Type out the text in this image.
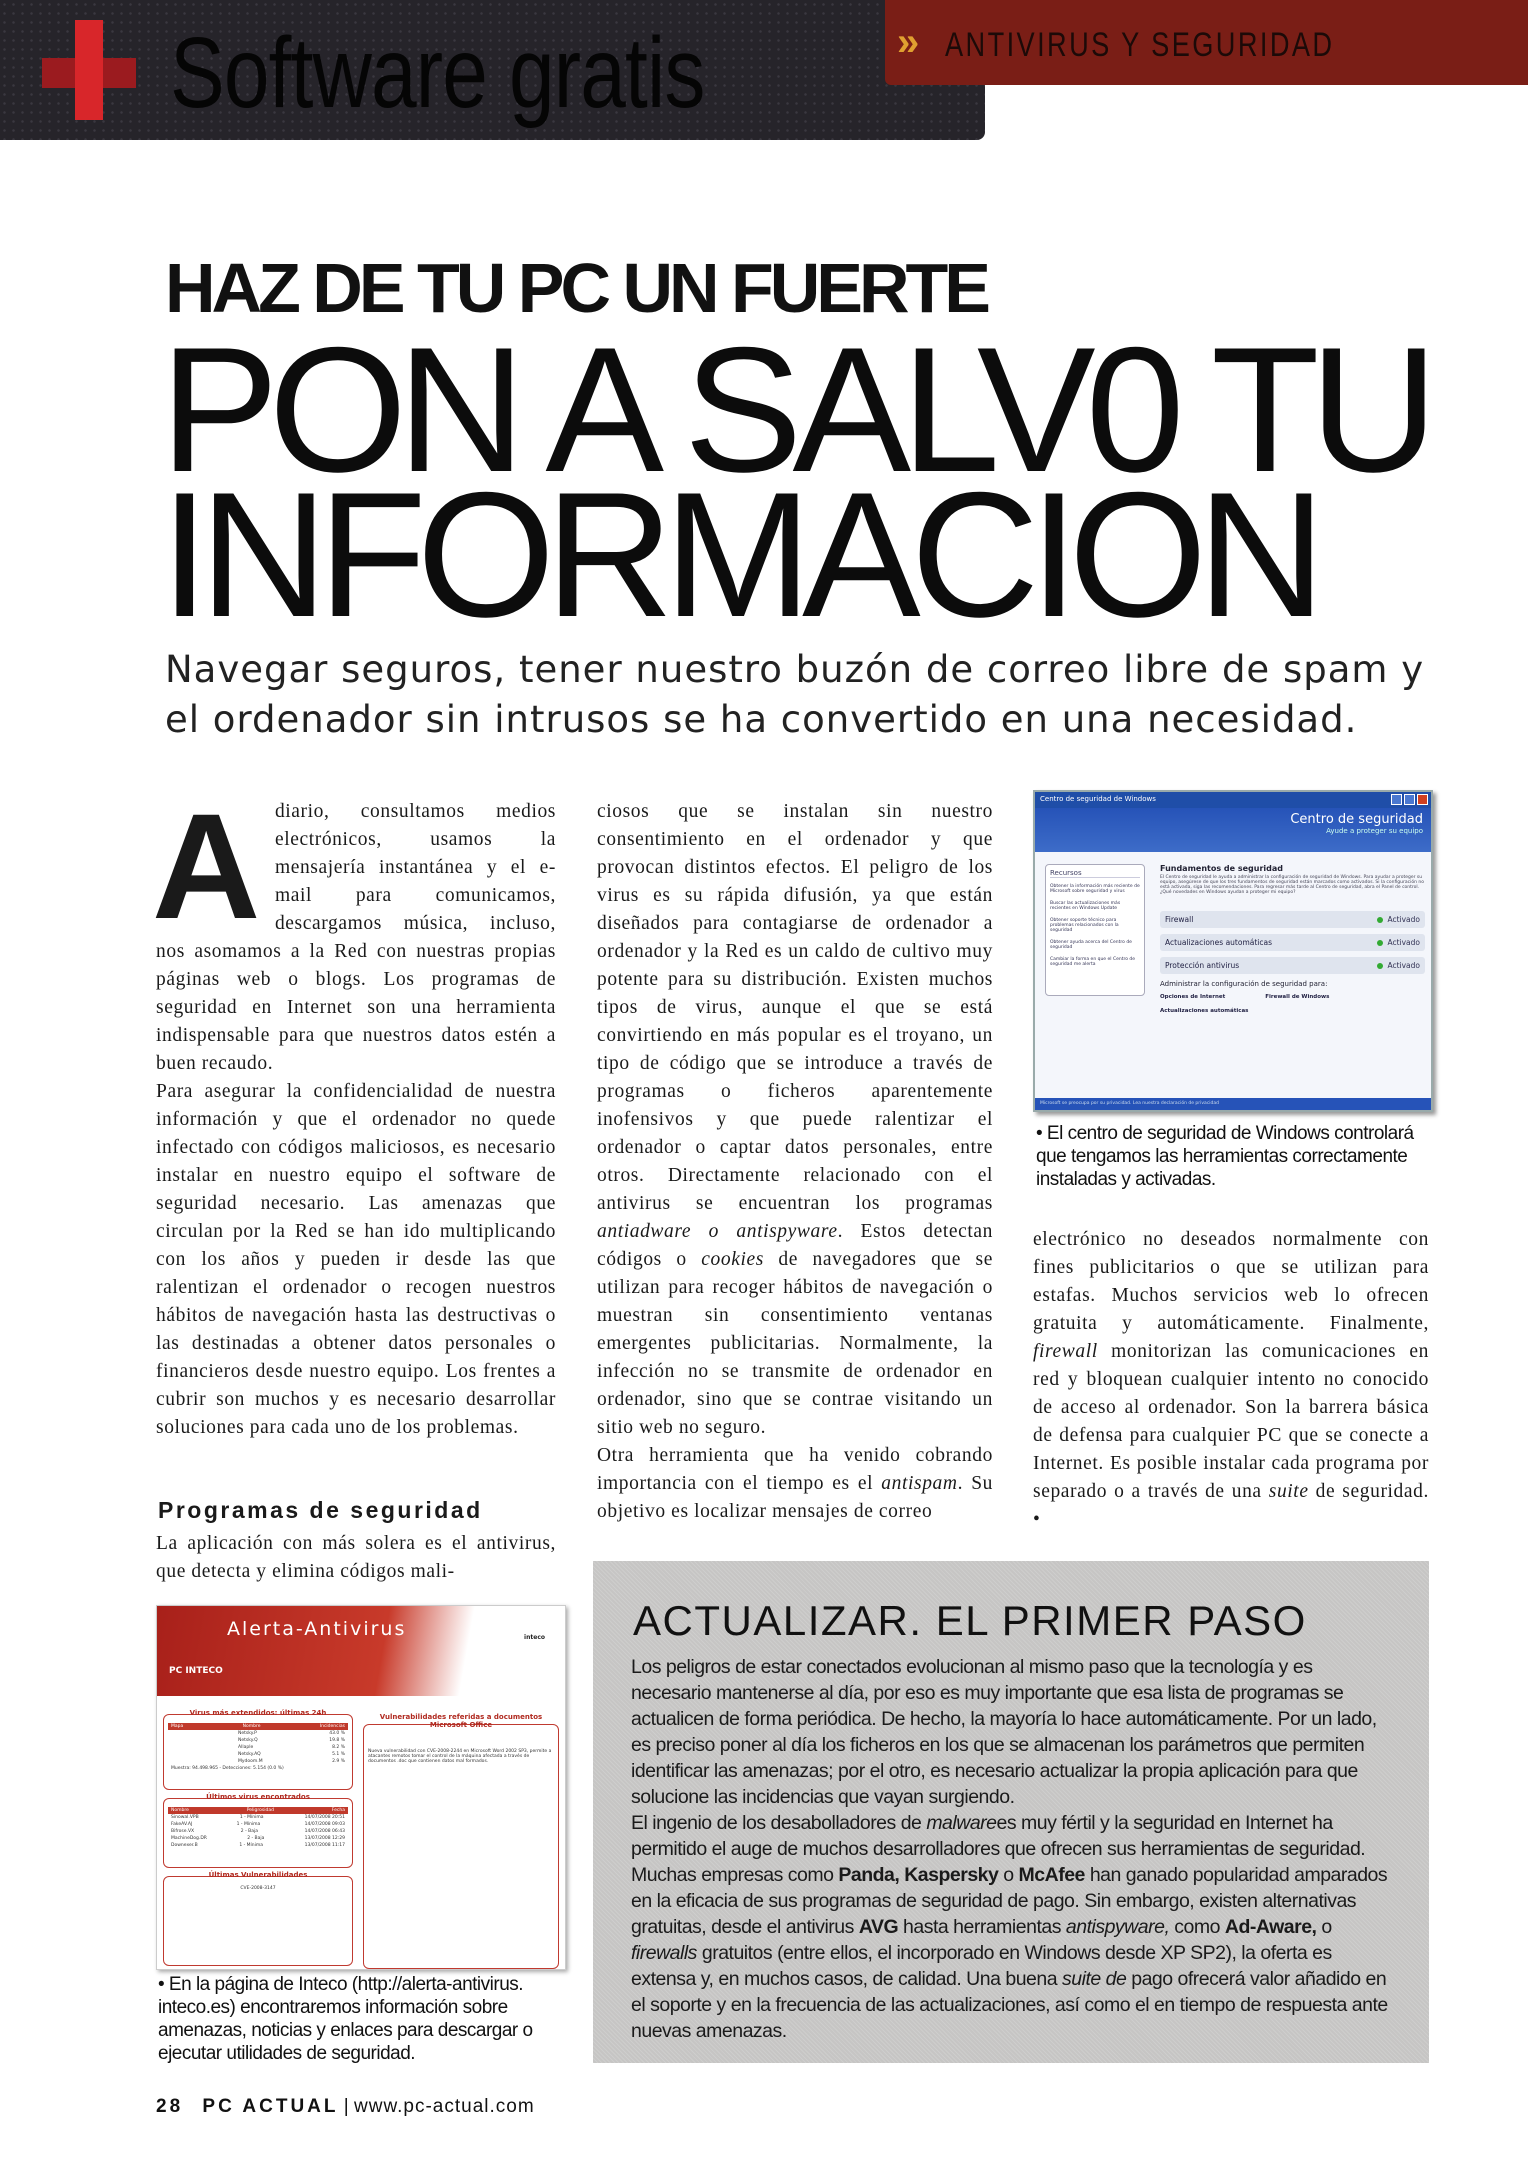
Software gratis	» ANTIVIRUS Y SEGURIDAD
HAZ DE TU PC UN FUERTE
PON A SALV0 TU
INFORMACION
Navegar seguros, tener nuestro buzón de correo libre de spam y el ordenador sin intrusos se ha convertido en una necesidad.

Adiario, consultamos medios electrónicos, usamos la mensajería instantánea y el e-mail para comunicamos, descargamos música, incluso, nos asomamos a la Red con nuestras propias páginas web o blogs. Los programas de seguridad en Internet son una herramienta indispensable para que nuestros datos estén a buen recaudo.

Para asegurar la confidencialidad de nuestra información y que el ordenador no quede infectado con códigos maliciosos, es necesario instalar en nuestro equipo el software de seguridad necesario. Las amenazas que circulan por la Red se han ido multiplicando con los años y pueden ir desde las que ralentizan el ordenador o recogen nuestros hábitos de navegación hasta las destructivas o las destinadas a obtener datos personales o financieros desde nuestro equipo. Los frentes a cubrir son muchos y es necesario desarrollar soluciones para cada uno de los problemas.

Programas de seguridad

La aplicación con más solera es el antivirus, que detecta y elimina códigos mali-

ciosos que se instalan sin nuestro consentimiento en el ordenador y que provocan distintos efectos. El peligro de los virus es su rápida difusión, ya que están diseñados para contagiarse de ordenador a ordenador y la Red es un caldo de cultivo muy potente para su distribución. Existen muchos tipos de virus, aunque el que se está convirtiendo en más popular es el troyano, un tipo de código que se introduce a través de programas o ficheros aparentemente inofensivos y que puede ralentizar el ordenador o captar datos personales, entre otros. Directamente relacionado con el antivirus se encuentran los programas antiadware o antispyware. Estos detectan códigos o cookies de navegadores que se utilizan para recoger hábitos de navegación o muestran sin consentimiento ventanas emergentes publicitarias. Normalmente, la infección no se transmite de ordenador en ordenador, sino que se contrae visitando un sitio web no seguro.

Otra herramienta que ha venido cobrando importancia con el tiempo es el antispam. Su objetivo es localizar mensajes de correo

electrónico no deseados normalmente con fines publicitarios o que se utilizan para estafas. Muchos servicios web lo ofrecen gratuita y automáticamente. Finalmente, firewall monitorizan las comunicaciones en red y bloquean cualquier intento no conocido de acceso al ordenador. Son la barrera básica de defensa para cualquier PC que se conecte a Internet. Es posible instalar cada programa por separado o a través de una suite de seguridad. •

Centro de seguridad de Windows
Centro de seguridad
Ayude a proteger su equipo
Recursos
Obtener la información más reciente de Microsoft sobre seguridad y virus
Buscar las actualizaciones más recientes en Windows Update
Obtener soporte técnico para problemas relacionados con la seguridad
Obtener ayuda acerca del Centro de seguridad
Cambiar la forma en que el Centro de seguridad me alerta
Fundamentos de seguridad
El Centro de seguridad le ayuda a administrar la configuración de seguridad de Windows. Para ayudar a proteger su equipo, asegúrese de que los tres fundamentos de seguridad están marcados como activados. Si la configuración no está activada, siga las recomendaciones. Para regresar más tarde al Centro de seguridad, abra el Panel de control. ¿Qué novedades en Windows ayudan a proteger mi equipo?
Firewall	Activado
Actualizaciones automáticas	Activado
Protección antivirus	Activado
Administrar la configuración de seguridad para:
Opciones de Internet	Firewall de Windows
Actualizaciones automáticas
Microsoft se preocupa por su privacidad. Lea nuestra declaración de privacidad
• El centro de seguridad de Windows controlará que tengamos las herramientas correctamente instaladas y activadas.
Alerta-Antivirus
PC INTECO
Acceso fácil | Mapa del Sitio | RSS
inteco
Virus más extendidos: últimas 24h
Mapa	Nombre	Incidencias
Netsky.P	43.0 %
Netsky.Q	19.8 %
Allaple	8.2 %
Netsky.AQ	5.1 %
Mydoom.M	2.9 %
Muestra: 94.498.965 - Detecciones: 5.154 (0.0 %)
Últimos virus encontrados
Nombre	Peligrosidad	Fecha
Sinowal.VPB	1 - Mínima	14/07/2008 20:51
FakeAV.AJ	1 - Mínima	14/07/2008 09:03
Bifrose.VX	2 - Baja	14/07/2008 06:43
MachineDog.DR	2 - Baja	13/07/2008 12:29
Downexer.B	1 - Mínima	13/07/2008 11:17
Últimas Vulnerabilidades
CVE-2008-3147
Vulnerabilidades referidas a documentos Microsoft Office
Nueva vulnerabilidad con CVE-2008-2244 en Microsoft Word 2002 SP3, permite a atacantes remotos tomar el control de la máquina afectada a través de documentos .doc que contienen datos mal formados.
• En la página de Inteco (http://alerta-antivirus. inteco.es) encontraremos información sobre amenazas, noticias y enlaces para descargar o ejecutar utilidades de seguridad.
ACTUALIZAR. EL PRIMER PASO

Los peligros de estar conectados evolucionan al mismo paso que la tecnología y es necesario mantenerse al día, por eso es muy importante que esa lista de programas se actualicen de forma periódica. De hecho, la mayoría lo hace automáticamente. Por un lado, es preciso poner al día los ficheros en los que se almacenan los parámetros que permiten identificar las amenazas; por el otro, es necesario actualizar la propia aplicación para que solucione las incidencias que vayan surgiendo.

El ingenio de los desabolladores de malwarees muy fértil y la seguridad en Internet ha permitido el auge de muchos desarrolladores que ofrecen sus herramientas de seguridad. Muchas empresas como Panda, Kaspersky o McAfee han ganado popularidad amparados en la eficacia de sus programas de seguridad de pago. Sin embargo, existen alternativas gratuitas, desde el antivirus AVG hasta herramientas antispyware, como Ad-Aware, o firewalls gratuitos (entre ellos, el incorporado en Windows desde XP SP2), la oferta es extensa y, en muchos casos, de calidad. Una buena suite de pago ofrecerá valor añadido en el soporte y en la frecuencia de las actualizaciones, así como el en tiempo de respuesta ante nuevas amenazas.

28 PC ACTUAL | www.pc-actual.com
